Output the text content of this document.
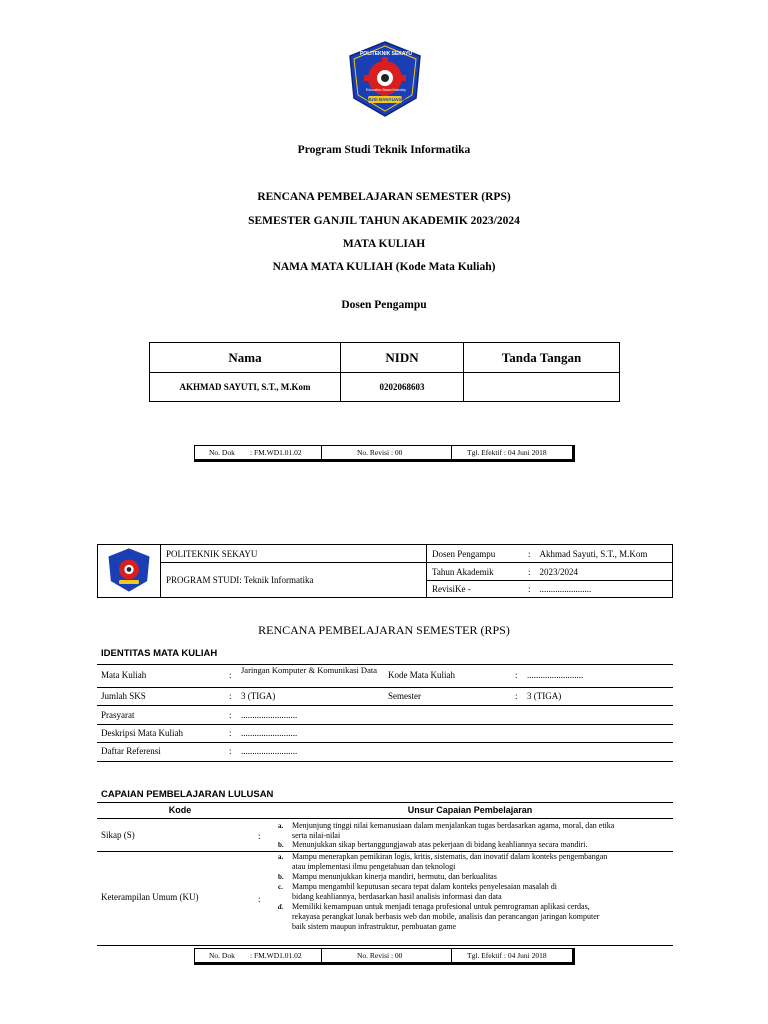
POLITEKNIK SEKAYU
Education Based Industry
MUSI BANYUASIN
Program Studi Teknik Informatika
RENCANA PEMBELAJARAN SEMESTER (RPS)
SEMESTER GANJIL TAHUN AKADEMIK 2023/2024
MATA KULIAH
NAMA MATA KULIAH (Kode Mata Kuliah)
Dosen Pengampu
Nama	NIDN	Tanda Tangan
AKHMAD SAYUTI, S.T., M.Kom	0202068603	
No. Dok : FM.WD1.01.02	No. Revisi : 00	Tgl. Efektif : 04 Juni 2018
	POLITEKNIK SEKAYU	Dosen Pengampu	: Akhmad Sayuti, S.T., M.Kom
	PROGRAM STUDI: Teknik Informatika	Tahun Akademik	: 2023/2024
		RevisiKe -	: .......................
RENCANA PEMBELAJARAN SEMESTER (RPS)
IDENTITAS MATA KULIAH
Mata Kuliah	: Jaringan Komputer & Komunikasi Data	Kode Mata Kuliah	: .........................
Jumlah SKS	: 3 (TIGA)	Semester	: 3 (TIGA)
Prasyarat	: .........................
Deskripsi Mata Kuliah	: .........................
Daftar Referensi	: .........................
CAPAIAN PEMBELAJARAN LULUSAN
Kode	Unsur Capaian Pembelajaran
Sikap (S)	:
a. Menjunjung tinggi nilai kemanusiaan dalam menjalankan tugas berdasarkan agama, moral, dan etika
serta nilai-nilai
b. Menunjukkan sikap bertanggungjawab atas pekerjaan di bidang keahliannya secara mandiri.
Keterampilan Umum (KU)	:
a. Mampu menerapkan pemikiran logis, kritis, sistematis, dan inovatif dalam konteks pengembangan
atau implementasi ilmu pengetahuan dan teknologi
b. Mampu menunjukkan kinerja mandiri, bermutu, dan berkualitas
c. Mampu mengambil keputusan secara tepat dalam konteks penyelesaian masalah di
bidang keahliannya, berdasarkan hasil analisis informasi dan data
d. Memiliki kemampuan untuk menjadi tenaga profesional untuk pemrograman aplikasi cerdas,
rekayasa perangkat lunak berbasis web dan mobile, analisis dan perancangan jaringan komputer
baik sistem maupun infrastruktur, pembuatan game
No. Dok : FM.WD1.01.02	No. Revisi : 00	Tgl. Efektif : 04 Juni 2018
